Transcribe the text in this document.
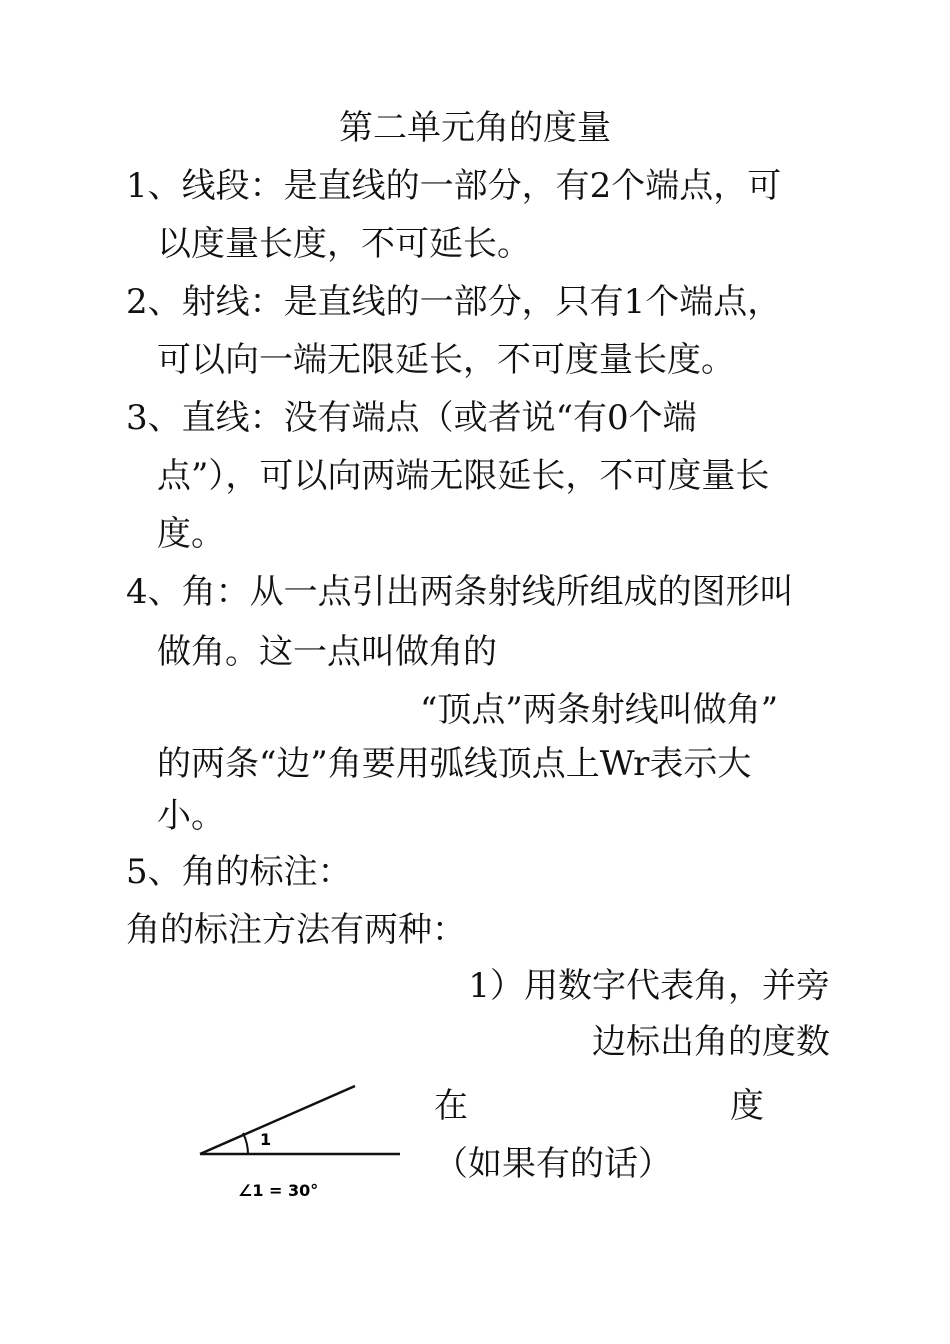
第二单元角的度量
1、线段：是直线的一部分，有2个端点，可
以度量长度，不可延长。
2、射线：是直线的一部分，只有1个端点，
可以向一端无限延长，不可度量长度。
3、直线：没有端点（或者说“有0个端
点”），可以向两端无限延长，不可度量长
度。
4、角：从一点引出两条射线所组成的图形叫
做角。这一点叫做角的
“顶点”两条射线叫做角”
的两条“边”角要用弧线顶点上Wr表示大
小。
5、角的标注：
角的标注方法有两种：
1）用数字代表角，并旁
边标出角的度数
在	度
（如果有的话）
1
∠1 = 30°
